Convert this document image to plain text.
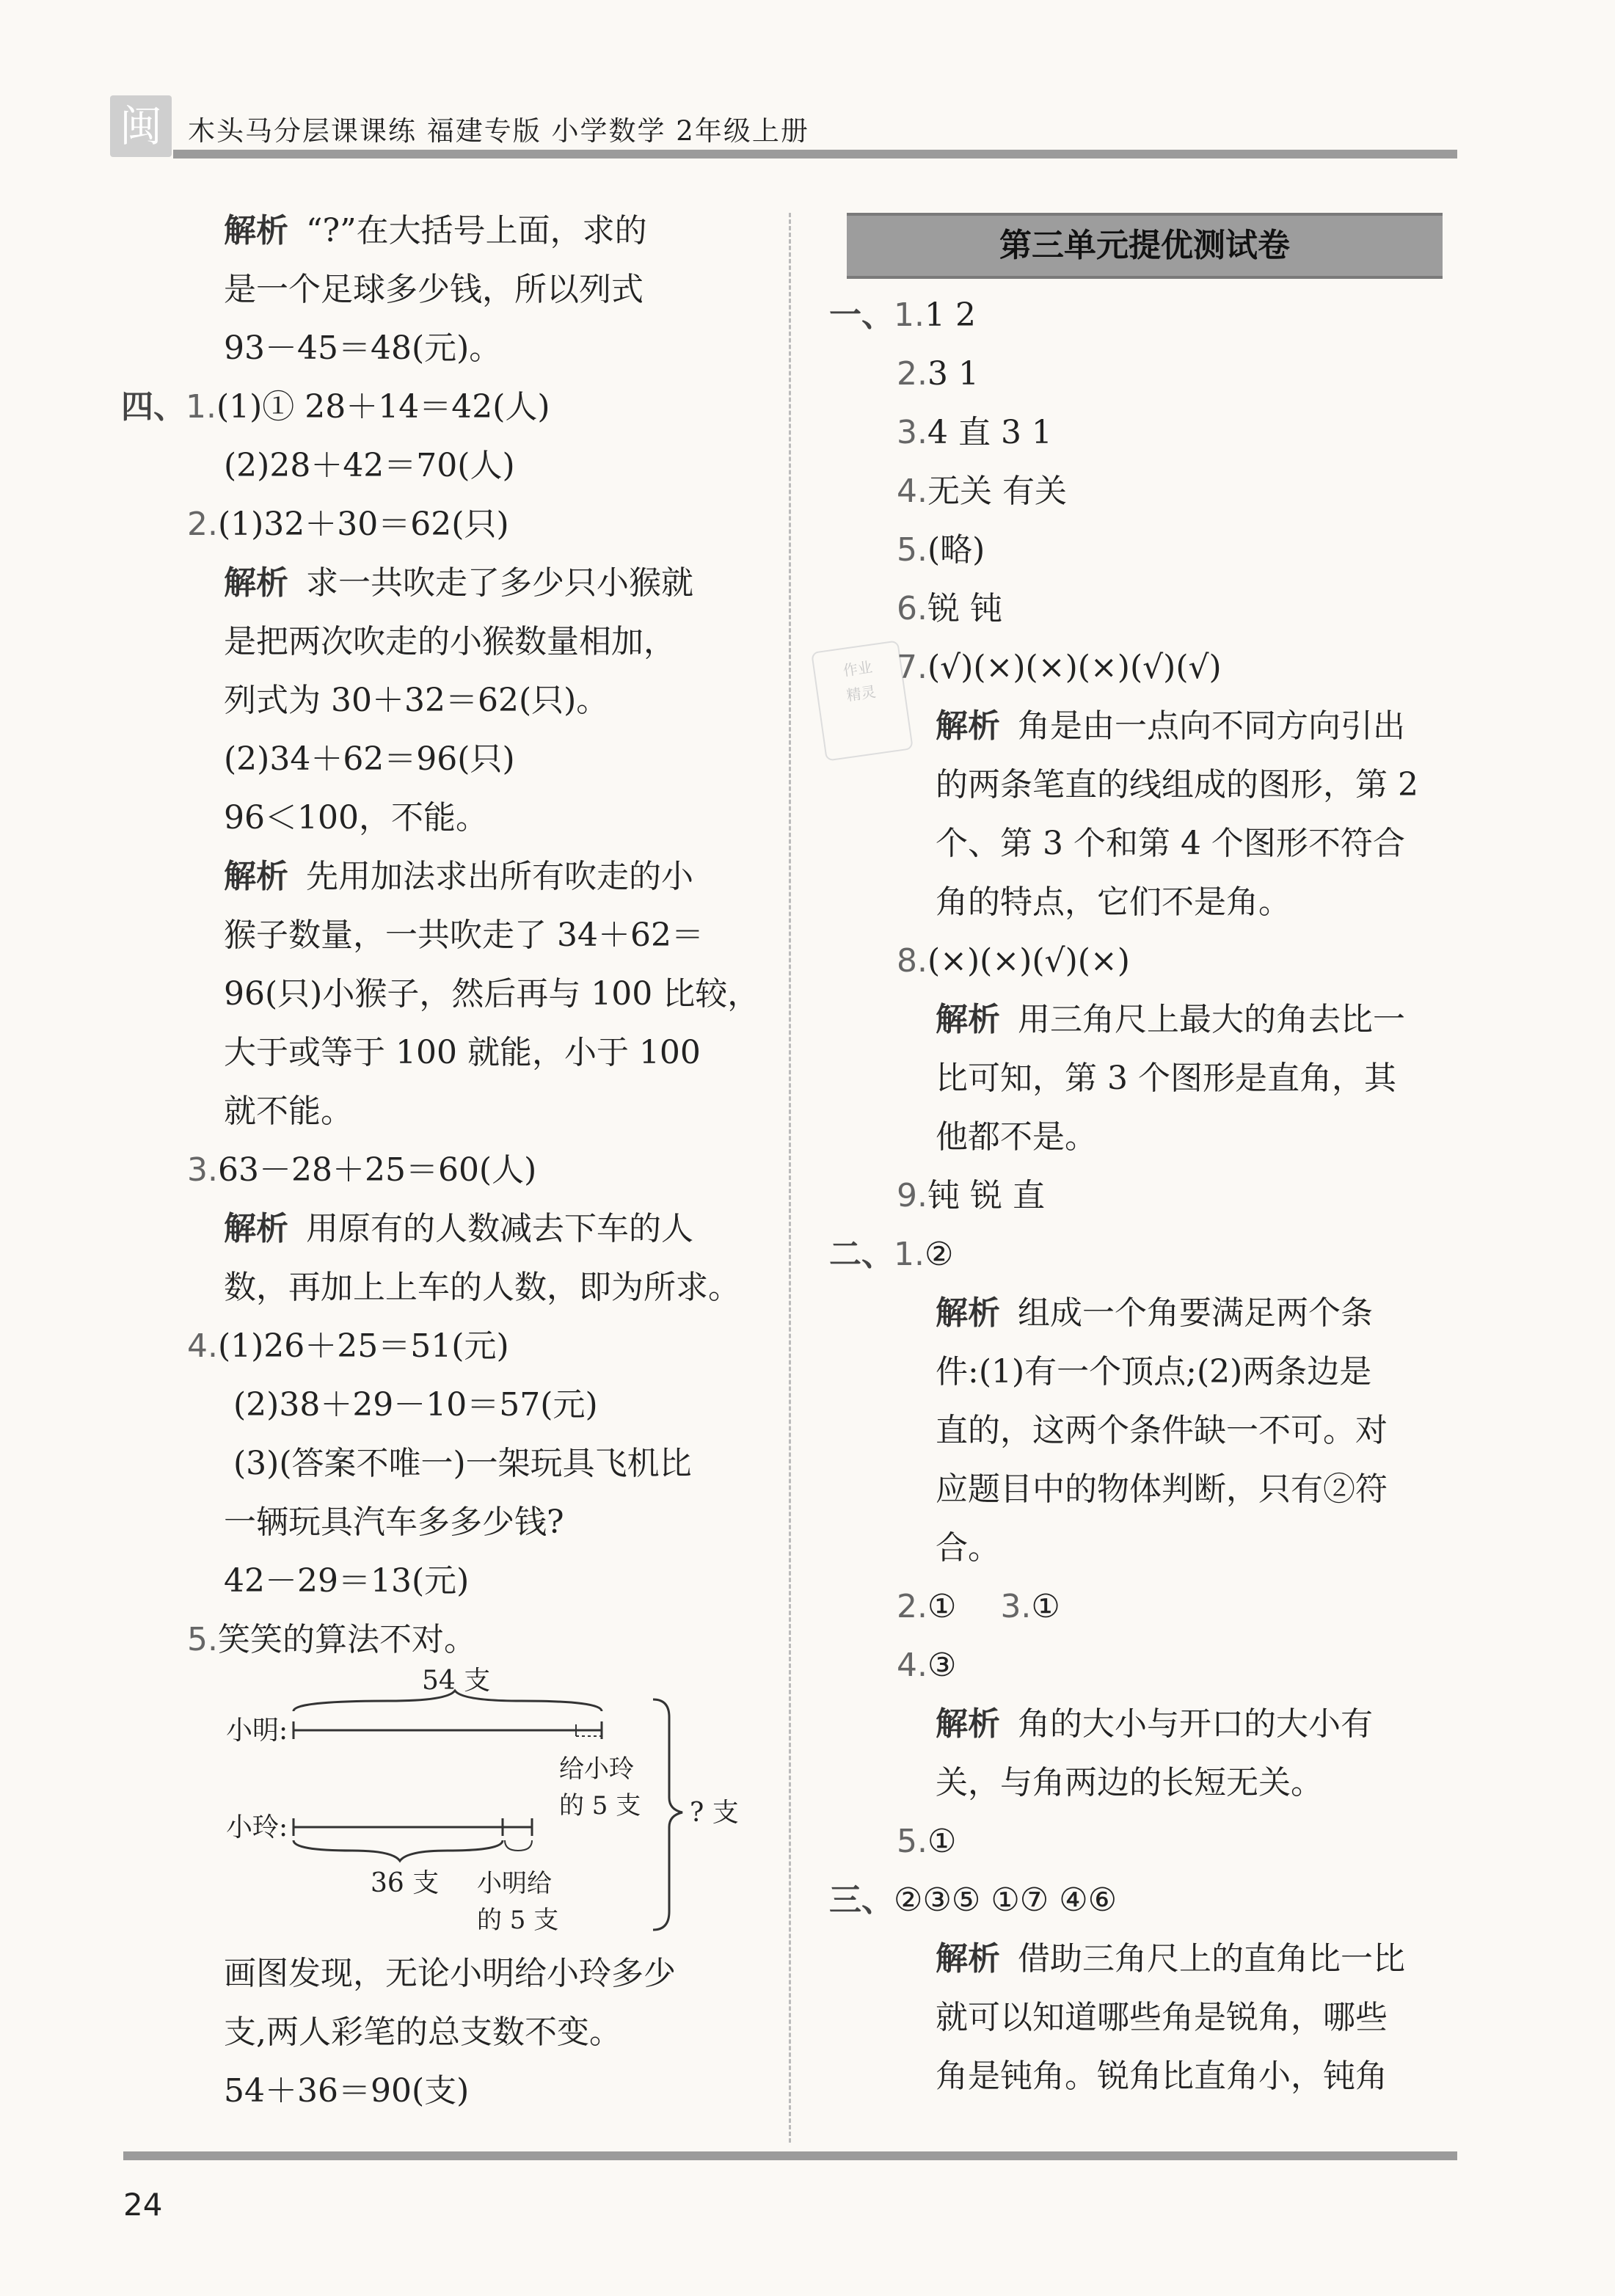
闽 木头马分层课课练 福建专版 小学数学 2年级上册
解析 “?”在大括号上面，求的
是一个足球多少钱，所以列式
93－45＝48(元)。
四、1.(1)① 28＋14＝42(人)
(2)28＋42＝70(人)
2.(1)32＋30＝62(只)
解析 求一共吹走了多少只小猴就
是把两次吹走的小猴数量相加，
列式为 30＋32＝62(只)。
(2)34＋62＝96(只)
96＜100，不能。
解析 先用加法求出所有吹走的小
猴子数量，一共吹走了 34＋62＝
96(只)小猴子，然后再与 100 比较，
大于或等于 100 就能，小于 100
就不能。
3.63－28＋25＝60(人)
解析 用原有的人数减去下车的人
数，再加上上车的人数，即为所求。
4.(1)26＋25＝51(元)
(2)38＋29－10＝57(元)
(3)(答案不唯一)一架玩具飞机比
一辆玩具汽车多多少钱?
42－29＝13(元)
5.笑笑的算法不对。
54 支
小明:
给小玲
的 5 支
小玲:
36 支 小明给
的 5 支
? 支
画图发现，无论小明给小玲多少
支,两人彩笔的总支数不变。
54＋36＝90(支)
第三单元提优测试卷
作业
精灵
一、1.1 2
2.3 1
3.4 直 3 1
4.无关 有关
5.(略)
6.锐 钝
7.(√)(×)(×)(×)(√)(√)
解析 角是由一点向不同方向引出
的两条笔直的线组成的图形，第 2
个、第 3 个和第 4 个图形不符合
角的特点，它们不是角。
8.(×)(×)(√)(×)
解析 用三角尺上最大的角去比一
比可知，第 3 个图形是直角，其
他都不是。
9.钝 锐 直
二、1.②
解析 组成一个角要满足两个条
件:(1)有一个顶点;(2)两条边是
直的，这两个条件缺一不可。对
应题目中的物体判断，只有②符
合。
2.① 3.①
4.③
解析 角的大小与开口的大小有
关，与角两边的长短无关。
5.①
三、②③⑤ ①⑦ ④⑥
解析 借助三角尺上的直角比一比
就可以知道哪些角是锐角，哪些
角是钝角。锐角比直角小，钝角
24
